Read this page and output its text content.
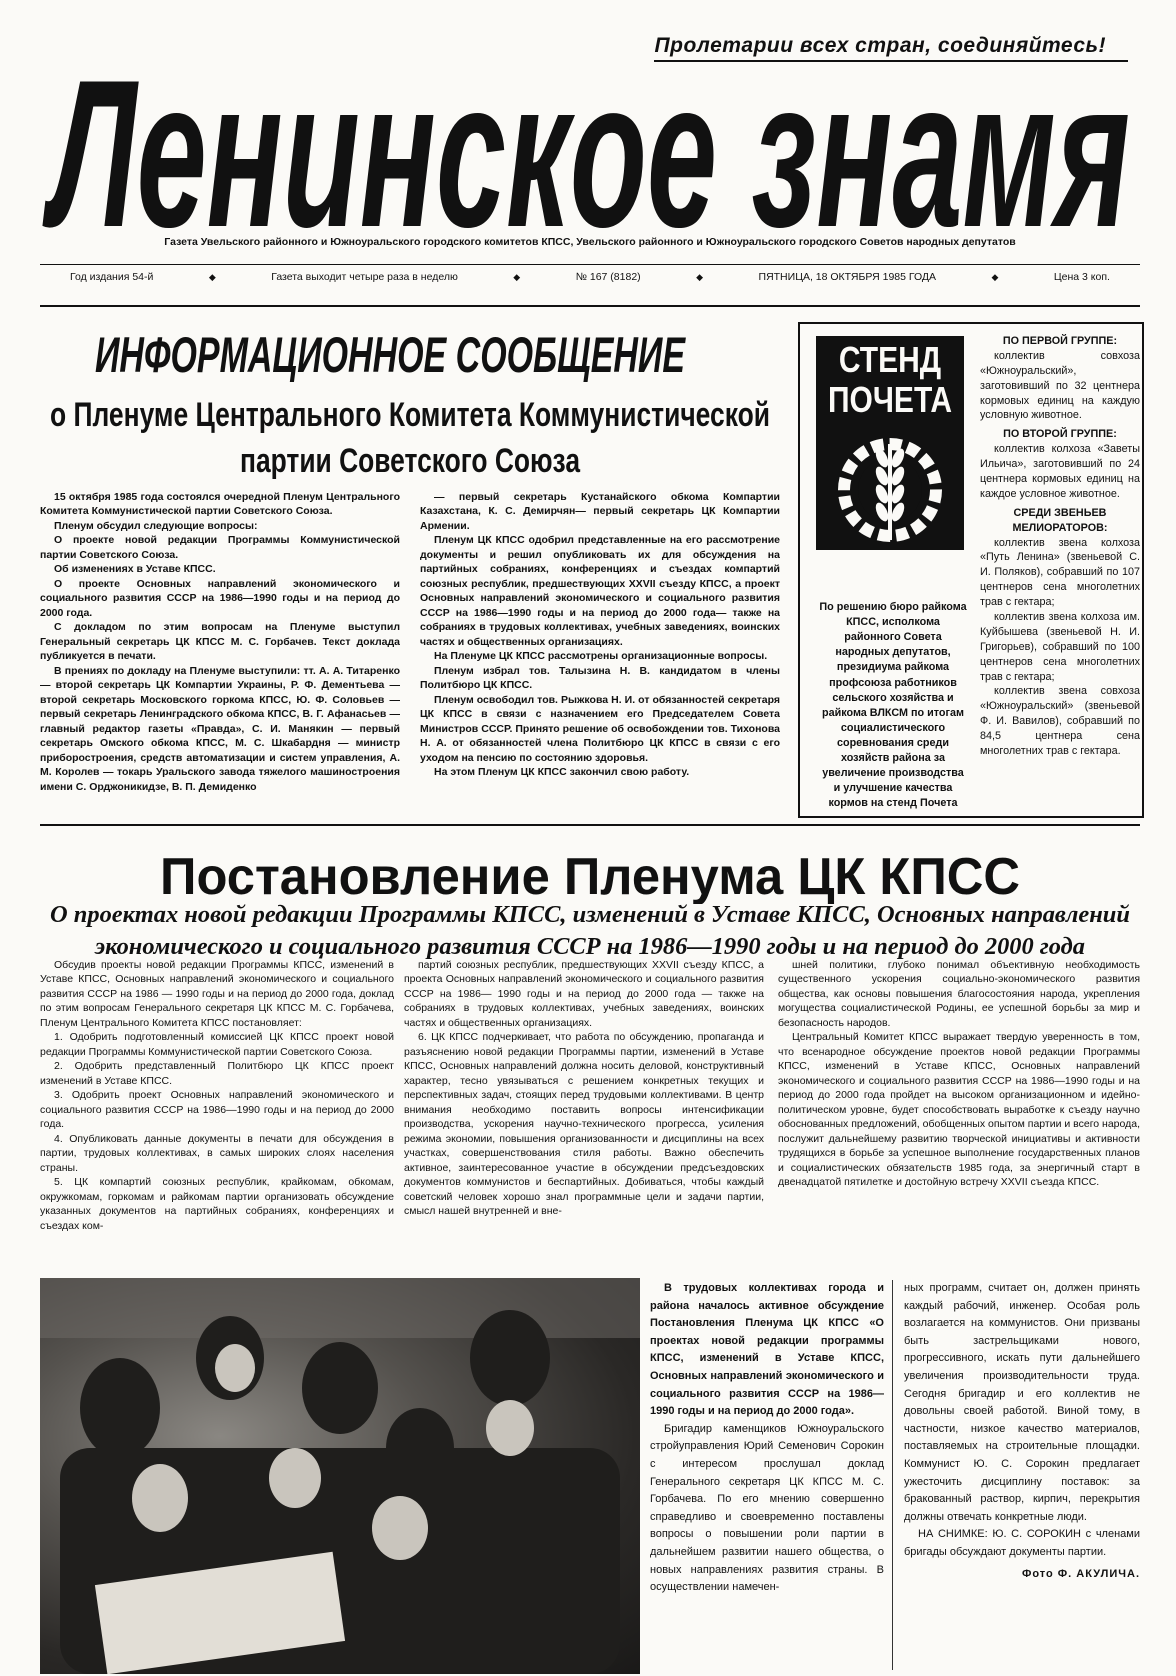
Пролетарии всех стран, соединяйтесь!
Ленинское знамя
Газета Увельского районного и Южноуральского городского комитетов КПСС, Увельского районного и Южноуральского городского Советов народных депутатов
Год издания 54-й	◆	Газета выходит четыре раза в неделю	◆	№ 167 (8182)	◆	ПЯТНИЦА, 18 ОКТЯБРЯ 1985 ГОДА	◆	Цена 3 коп.
ИНФОРМАЦИОННОЕ СООБЩЕНИЕ
о Пленуме Центрального Комитета Коммунистической
партии Советского Союза

15 октября 1985 года состоялся очередной Пленум Центрального Комитета Коммунистической партии Советского Союза.

Пленум обсудил следующие вопросы:

О проекте новой редакции Программы Коммунистической партии Советского Союза.

Об изменениях в Уставе КПСС.

О проекте Основных направлений экономического и социального развития СССР на 1986—1990 годы и на период до 2000 года.

С докладом по этим вопросам на Пленуме выступил Генеральный секретарь ЦК КПСС М. С. Горбачев. Текст доклада публикуется в печати.

В прениях по докладу на Пленуме выступили: тт. А. А. Титаренко — второй секретарь ЦК Компартии Украины, Р. Ф. Дементьева — второй секретарь Московского горкома КПСС, Ю. Ф. Соловьев — первый секретарь Ленинградского обкома КПСС, В. Г. Афанасьев — главный редактор газеты «Правда», С. И. Манякин — первый секретарь Омского обкома КПСС, М. С. Шкабардня — министр приборостроения, средств автоматизации и систем управления, А. М. Королев — токарь Уральского завода тяжелого машиностроения имени С. Орджоникидзе, В. П. Демиденко

— первый секретарь Кустанайского обкома Компартии Казахстана, К. С. Демирчян— первый секретарь ЦК Компартии Армении.

Пленум ЦК КПСС одобрил представленные на его рассмотрение документы и решил опубликовать их для обсуждения на партийных собраниях, конференциях и съездах компартий союзных республик, предшествующих XXVII съезду КПСС, а проект Основных направлений экономического и социального развития СССР на 1986—1990 годы и на период до 2000 года— также на собраниях в трудовых коллективах, учебных заведениях, воинских частях и общественных организациях.

На Пленуме ЦК КПСС рассмотрены организационные вопросы.

Пленум избрал тов. Талызина Н. В. кандидатом в члены Политбюро ЦК КПСС.

Пленум освободил тов. Рыжкова Н. И. от обязанностей секретаря ЦК КПСС в связи с назначением его Председателем Совета Министров СССР. Принято решение об освобождении тов. Тихонова Н. А. от обязанностей члена Политбюро ЦК КПСС в связи с его уходом на пенсию по состоянию здоровья.

На этом Пленум ЦК КПСС закончил свою работу.

СТЕНД
ПОЧЕТА
По решению бюро райкома КПСС, исполкома районного Совета народных депутатов, президиума райкома профсоюза работников сельского хозяйства и райкома ВЛКСМ по итогам социалистического соревнования среди хозяйств района за увеличение производства и улучшение качества кормов на стенд Почета
ПО ПЕРВОЙ ГРУППЕ:

коллектив совхоза «Южноуральский», заготовивший по 32 центнера кормовых единиц на каждую условную животное.

ПО ВТОРОЙ ГРУППЕ:

коллектив колхоза «Заветы Ильича», заготовивший по 24 центнера кормовых единиц на каждое условное животное.

СРЕДИ ЗВЕНЬЕВ МЕЛИОРАТОРОВ:

коллектив звена колхоза «Путь Ленина» (звеньевой С. И. Поляков), собравший по 107 центнеров сена многолетних трав с гектара;

коллектив звена колхоза им. Куйбышева (звеньевой Н. И. Григорьев), собравший по 100 центнеров сена многолетних трав с гектара;

коллектив звена совхоза «Южноуральский» (звеньевой Ф. И. Вавилов), собравший по 84,5 центнера сена многолетних трав с гектара.

Постановление Пленума ЦК КПСС
О проектах новой редакции Программы КПСС, изменений в Уставе КПСС, Основных направлений
экономического и социального развития СССР на 1986—1990 годы и на период до 2000 года

Обсудив проекты новой редакции Программы КПСС, изменений в Уставе КПСС, Основных направлений экономического и социального развития СССР на 1986 — 1990 годы и на период до 2000 года, доклад по этим вопросам Генерального секретаря ЦК КПСС М. С. Горбачева, Пленум Центрального Комитета КПСС постановляет:

1. Одобрить подготовленный комиссией ЦК КПСС проект новой редакции Программы Коммунистической партии Советского Союза.

2. Одобрить представленный Политбюро ЦК КПСС проект изменений в Уставе КПСС.

3. Одобрить проект Основных направлений экономического и социального развития СССР на 1986—1990 годы и на период до 2000 года.

4. Опубликовать данные документы в печати для обсуждения в партии, трудовых коллективах, в самых широких слоях населения страны.

5. ЦК компартий союзных республик, крайкомам, обкомам, окружкомам, горкомам и райкомам партии организовать обсуждение указанных документов на партийных собраниях, конференциях и съездах ком-

партий союзных республик, предшествующих XXVII съезду КПСС, а проекта Основных направлений экономического и социального развития СССР на 1986— 1990 годы и на период до 2000 года — также на собраниях в трудовых коллективах, учебных заведениях, воинских частях и общественных организациях.

6. ЦК КПСС подчеркивает, что работа по обсуждению, пропаганда и разъяснению новой редакции Программы партии, изменений в Уставе КПСС, Основных направлений должна носить деловой, конструктивный характер, тесно увязываться с решением конкретных текущих и перспективных задач, стоящих перед трудовыми коллективами. В центр внимания необходимо поставить вопросы интенсификации производства, ускорения научно-технического прогресса, усиления режима экономии, повышения организованности и дисциплины на всех участках, совершенствования стиля работы. Важно обеспечить активное, заинтересованное участие в обсуждении предсъездовских документов коммунистов и беспартийных. Добиваться, чтобы каждый советский человек хорошо знал программные цели и задачи партии, смысл нашей внутренней и вне-

шней политики, глубоко понимал объективную необходимость существенного ускорения социально-экономического развития общества, как основы повышения благосостояния народа, укрепления могущества социалистической Родины, ее успешной борьбы за мир и безопасность народов.

Центральный Комитет КПСС выражает твердую уверенность в том, что всенародное обсуждение проектов новой редакции Программы КПСС, изменений в Уставе КПСС, Основных направлений экономического и социального развития СССР на 1986—1990 годы и на период до 2000 года пройдет на высоком организационном и идейно-политическом уровне, будет способствовать выработке к съезду научно обоснованных предложений, обобщенных опытом партии и всего народа, послужит дальнейшему развитию творческой инициативы и активности трудящихся в борьбе за успешное выполнение государственных планов и социалистических обязательств 1985 года, за энергичный старт в двенадцатой пятилетке и достойную встречу XXVII съезда КПСС.

В трудовых коллективах города и района началось активное обсуждение Постановления Пленума ЦК КПСС «О проектах новой редакции программы КПСС, изменений в Уставе КПСС, Основных направлений экономического и социального развития СССР на 1986—1990 годы и на период до 2000 года».

Бригадир каменщиков Южноуральского стройуправления Юрий Семенович Сорокин с интересом прослушал доклад Генерального секретаря ЦК КПСС М. С. Горбачева. По его мнению совершенно справедливо и своевременно поставлены вопросы о повышении роли партии в дальнейшем развитии нашего общества, о новых направлениях развития страны. В осуществлении намечен-

ных программ, считает он, должен принять каждый рабочий, инженер. Особая роль возлагается на коммунистов. Они призваны быть застрельщиками нового, прогрессивного, искать пути дальнейшего увеличения производительности труда. Сегодня бригадир и его коллектив не довольны своей работой. Виной тому, в частности, низкое качество материалов, поставляемых на строительные площадки. Коммунист Ю. С. Сорокин предлагает ужесточить дисциплину поставок: за бракованный раствор, кирпич, перекрытия должны отвечать конкретные люди.

НА СНИМКЕ: Ю. С. СОРОКИН с членами бригады обсуждают документы партии.

Фото Ф. АКУЛИЧА.
